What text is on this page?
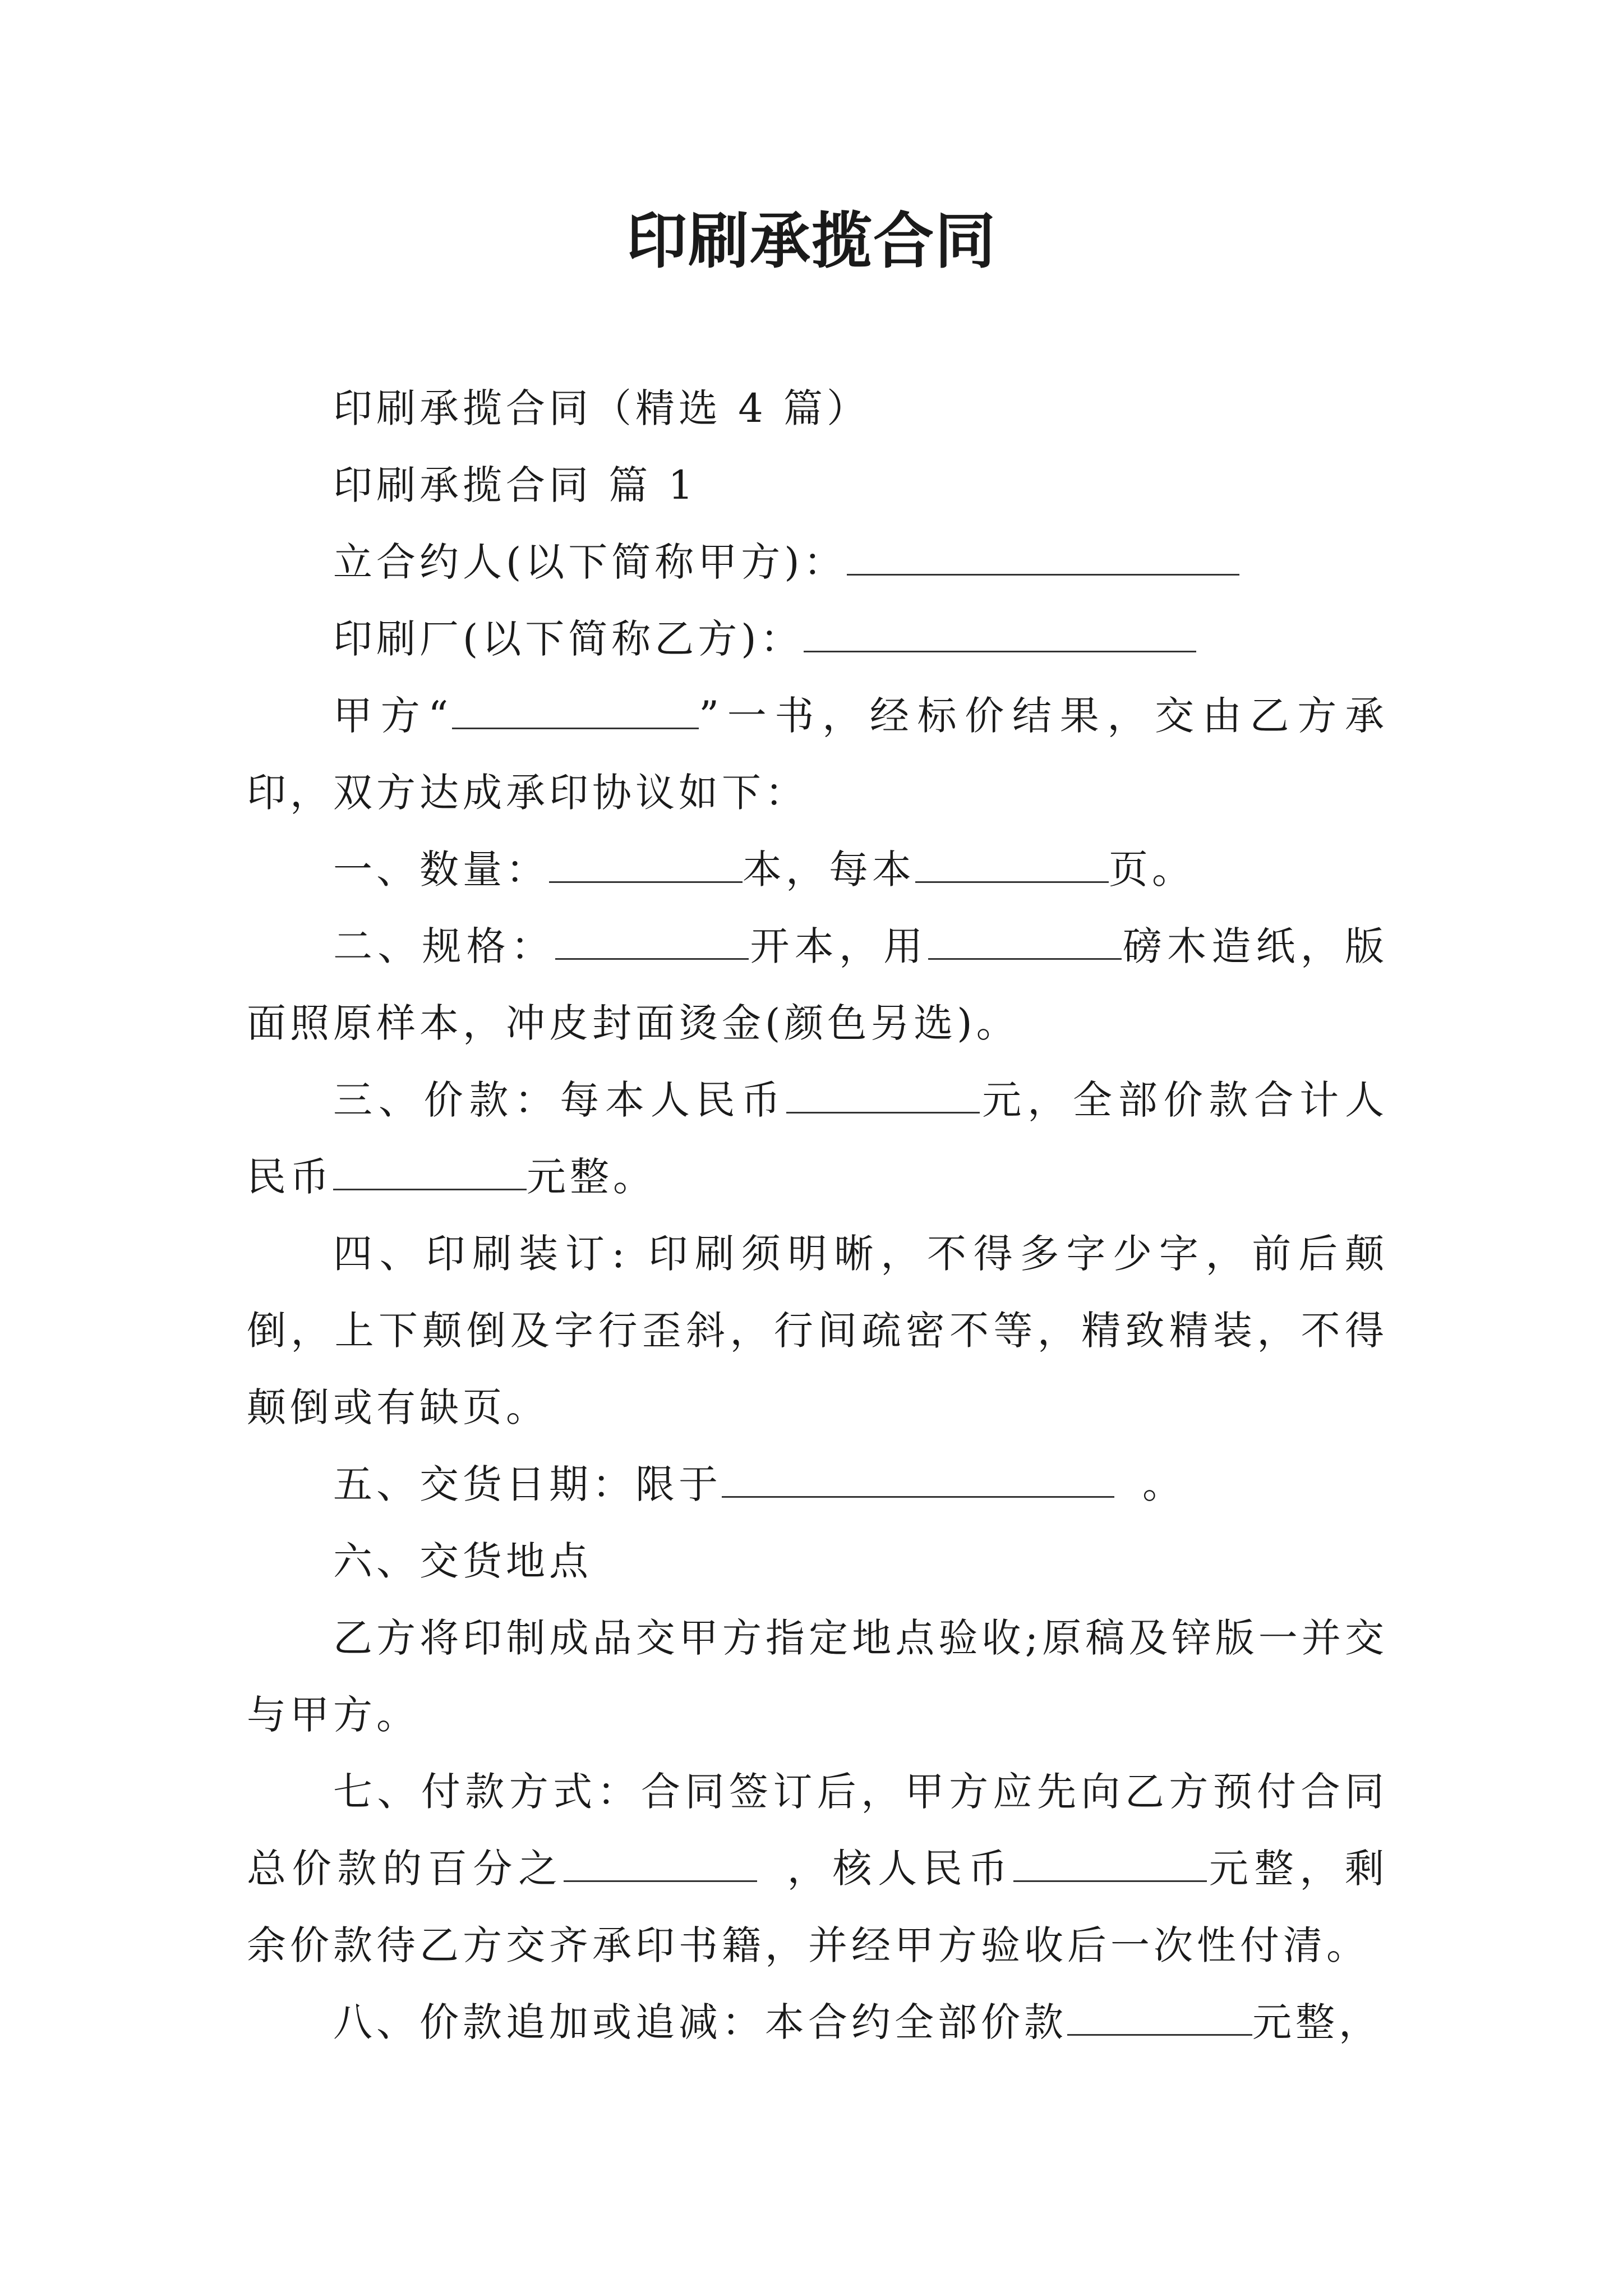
印刷承揽合同

印刷承揽合同（精选 4 篇）

印刷承揽合同 篇 1

立合约人(以下简称甲方)：

印刷厂(以下简称乙方)：

甲方“	”一书，经标价结果，交由乙方承印，双方达成承印协议如下：

一、数量：	本，每本	页。

二、规格：	开本，用	磅木造纸，版面照原样本，冲皮封面烫金(颜色另选)。

三、价款：每本人民币	元，全部价款合计人民币	元整。

四、印刷装订: 印刷须明晰，不得多字少字，前后颠倒，上下颠倒及字行歪斜，行间疏密不等，精致精装，不得颠倒或有缺页。

五、交货日期：限于	。

六、交货地点

乙方将印制成品交甲方指定地点验收;原稿及锌版一并交与甲方。

七、付款方式：合同签订后，甲方应先向乙方预付合同总价款的百分之	，核人民币	元整，剩余价款待乙方交齐承印书籍，并经甲方验收后一次性付清。

八、价款追加或追减：本合约全部价款	元整，
